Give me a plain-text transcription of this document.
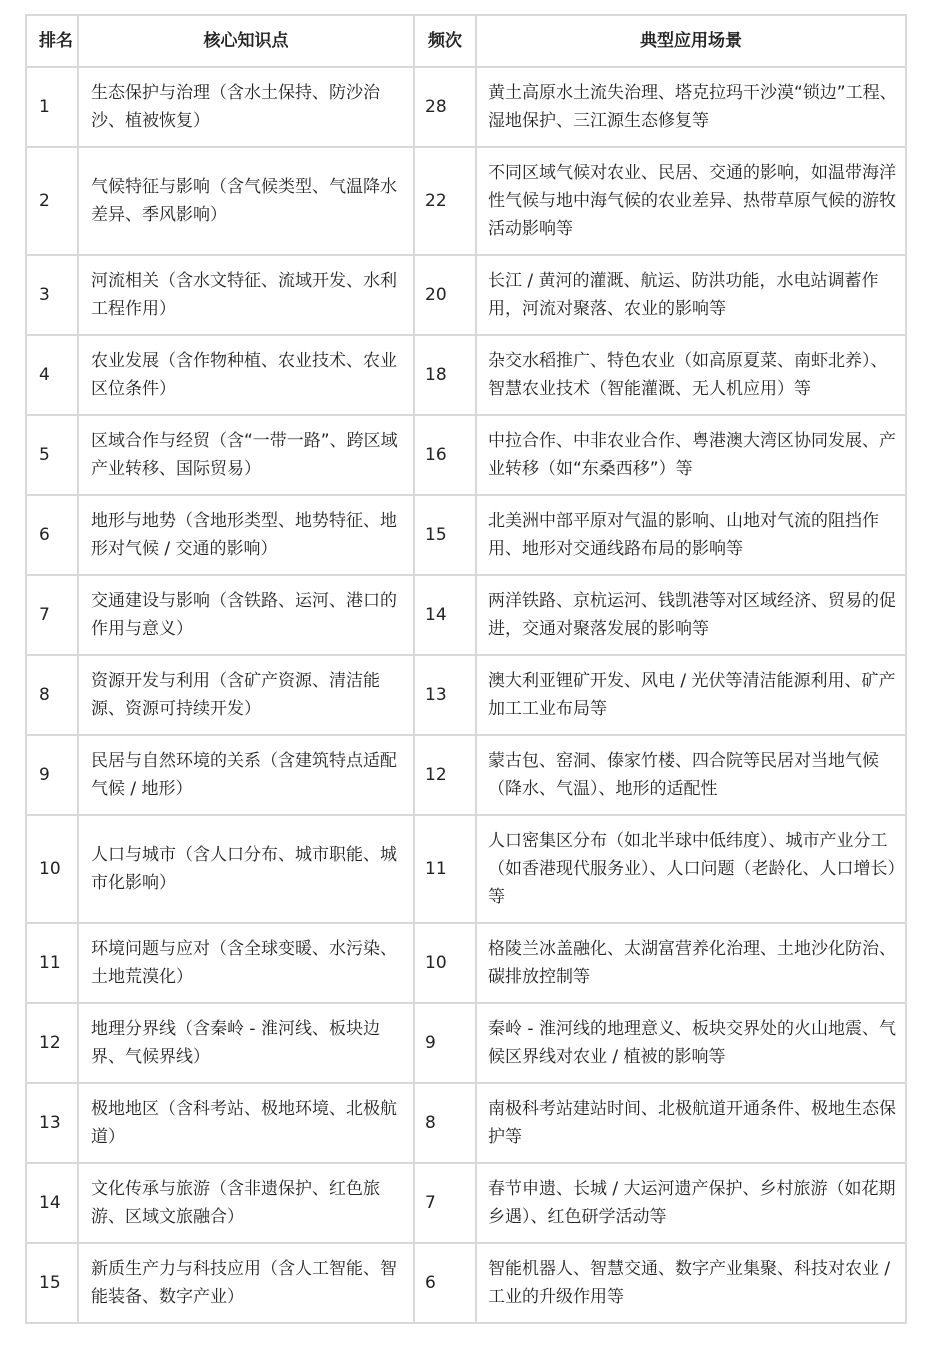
排名	核心知识点	频次	典型应用场景
1	生态保护与治理（含水土保持、防沙治沙、植被恢复）	28	黄土高原水土流失治理、塔克拉玛干沙漠“锁边”工程、湿地保护、三江源生态修复等
2	气候特征与影响（含气候类型、气温降水差异、季风影响）	22	不同区域气候对农业、民居、交通的影响，如温带海洋性气候与地中海气候的农业差异、热带草原气候的游牧活动影响等
3	河流相关（含水文特征、流域开发、水利工程作用）	20	长江 / 黄河的灌溉、航运、防洪功能，水电站调蓄作用，河流对聚落、农业的影响等
4	农业发展（含作物种植、农业技术、农业区位条件）	18	杂交水稻推广、特色农业（如高原夏菜、南虾北养）、智慧农业技术（智能灌溉、无人机应用）等
5	区域合作与经贸（含“一带一路”、跨区域产业转移、国际贸易）	16	中拉合作、中非农业合作、粤港澳大湾区协同发展、产业转移（如“东桑西移”）等
6	地形与地势（含地形类型、地势特征、地形对气候 / 交通的影响）	15	北美洲中部平原对气温的影响、山地对气流的阻挡作用、地形对交通线路布局的影响等
7	交通建设与影响（含铁路、运河、港口的作用与意义）	14	两洋铁路、京杭运河、钱凯港等对区域经济、贸易的促进，交通对聚落发展的影响等
8	资源开发与利用（含矿产资源、清洁能源、资源可持续开发）	13	澳大利亚锂矿开发、风电 / 光伏等清洁能源利用、矿产加工工业布局等
9	民居与自然环境的关系（含建筑特点适配气候 / 地形）	12	蒙古包、窑洞、傣家竹楼、四合院等民居对当地气候（降水、气温）、地形的适配性
10	人口与城市（含人口分布、城市职能、城市化影响）	11	人口密集区分布（如北半球中低纬度）、城市产业分工（如香港现代服务业）、人口问题（老龄化、人口增长）等
11	环境问题与应对（含全球变暖、水污染、土地荒漠化）	10	格陵兰冰盖融化、太湖富营养化治理、土地沙化防治、碳排放控制等
12	地理分界线（含秦岭 - 淮河线、板块边界、气候界线）	9	秦岭 - 淮河线的地理意义、板块交界处的火山地震、气候区界线对农业 / 植被的影响等
13	极地地区（含科考站、极地环境、北极航道）	8	南极科考站建站时间、北极航道开通条件、极地生态保护等
14	文化传承与旅游（含非遗保护、红色旅游、区域文旅融合）	7	春节申遗、长城 / 大运河遗产保护、乡村旅游（如花期乡遇）、红色研学活动等
15	新质生产力与科技应用（含人工智能、智能装备、数字产业）	6	智能机器人、智慧交通、数字产业集聚、科技对农业 / 工业的升级作用等
